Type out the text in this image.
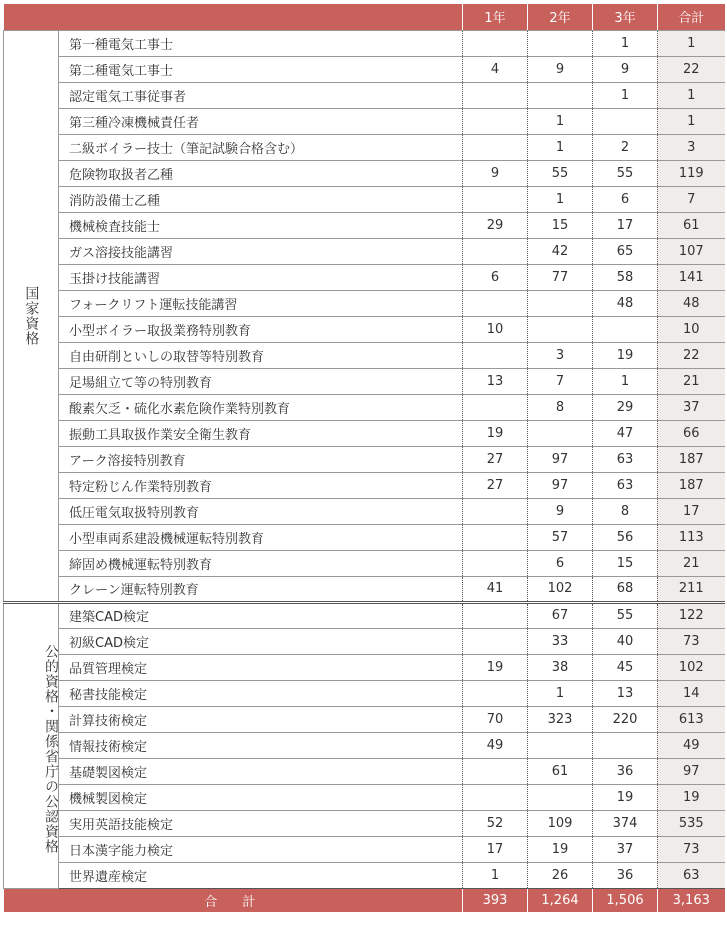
		1年	2年	3年	合計
国家資格	第一種電気工事士			1	1
	第二種電気工事士	4	9	9	22
	認定電気工事従事者			1	1
	第三種冷凍機械責任者		1		1
	二級ボイラー技士（筆記試験合格含む）		1	2	3
	危険物取扱者乙種	9	55	55	119
	消防設備士乙種		1	6	7
	機械検査技能士	29	15	17	61
	ガス溶接技能講習		42	65	107
	玉掛け技能講習	6	77	58	141
	フォークリフト運転技能講習			48	48
	小型ボイラー取扱業務特別教育	10			10
	自由研削といしの取替等特別教育		3	19	22
	足場組立て等の特別教育	13	7	1	21
	酸素欠乏・硫化水素危険作業特別教育		8	29	37
	振動工具取扱作業安全衛生教育	19		47	66
	アーク溶接特別教育	27	97	63	187
	特定粉じん作業特別教育	27	97	63	187
	低圧電気取扱特別教育		9	8	17
	小型車両系建設機械運転特別教育		57	56	113
	締固め機械運転特別教育		6	15	21
	クレーン運転特別教育	41	102	68	211
公的資格・関係省庁の公認資格	建築CAD検定		67	55	122
	初級CAD検定		33	40	73
	品質管理検定	19	38	45	102
	秘書技能検定		1	13	14
	計算技術検定	70	323	220	613
	情報技術検定	49			49
	基礎製図検定		61	36	97
	機械製図検定			19	19
	実用英語技能検定	52	109	374	535
	日本漢字能力検定	17	19	37	73
	世界遺産検定	1	26	36	63
合　計		393	1,264	1,506	3,163
